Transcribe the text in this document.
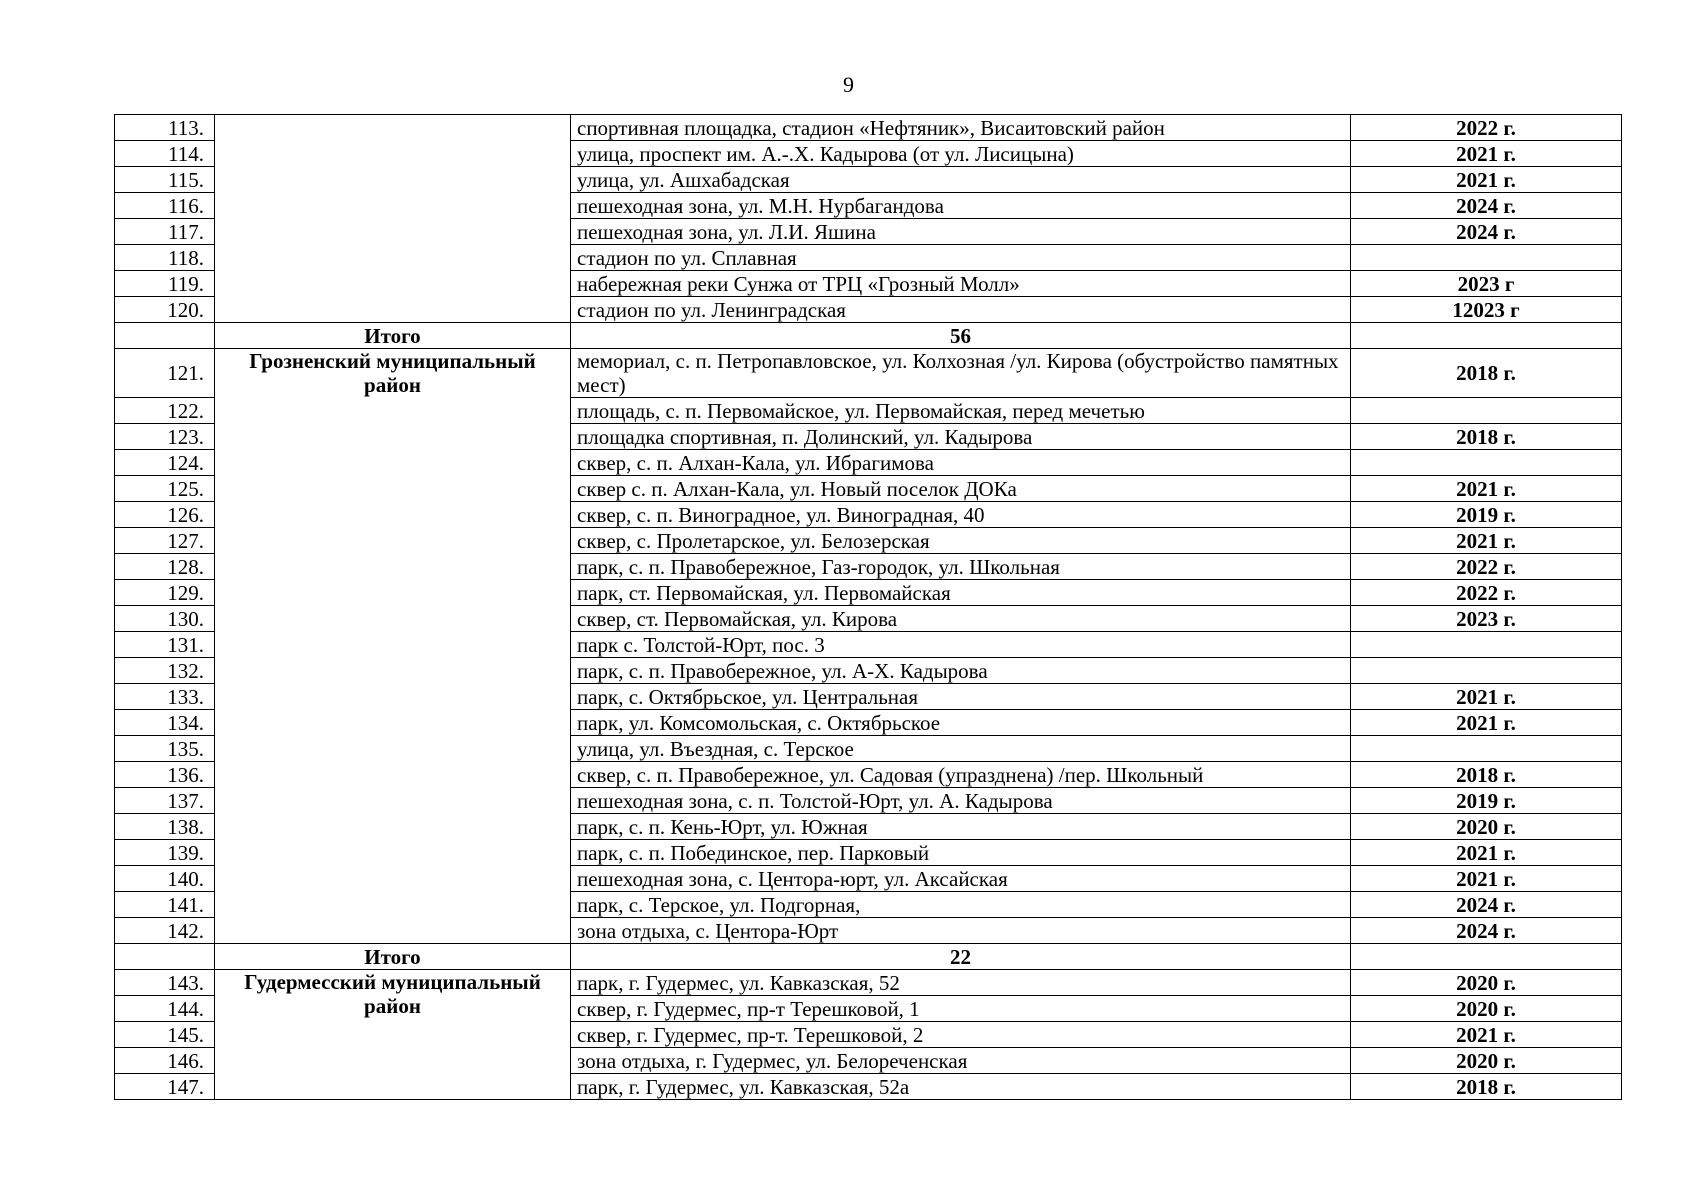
9
113.		спортивная площадка, стадион «Нефтяник», Висаитовский район	2022 г.
114.		улица, проспект им. А.-.Х. Кадырова (от ул. Лисицына)	2021 г.
115.		улица, ул. Ашхабадская	2021 г.
116.		пешеходная зона, ул. М.Н. Нурбагандова	2024 г.
117.		пешеходная зона, ул. Л.И. Яшина	2024 г.
118.		стадион по ул. Сплавная	
119.		набережная реки Сунжа от ТРЦ «Грозный Молл»	2023 г
120.		стадион по ул. Ленинградская	12023 г
	Итого	56	
121.	Грозненский муниципальный район	мемориал, с. п. Петропавловское, ул. Колхозная /ул. Кирова (обустройство памятных мест)	2018 г.
122.		площадь, с. п. Первомайское, ул. Первомайская, перед мечетью	
123.		площадка спортивная, п. Долинский, ул. Кадырова	2018 г.
124.		сквер, с. п. Алхан-Кала, ул. Ибрагимова	
125.		сквер с. п. Алхан-Кала, ул. Новый поселок ДОКа	2021 г.
126.		сквер, с. п. Виноградное, ул. Виноградная, 40	2019 г.
127.		сквер, с. Пролетарское, ул. Белозерская	2021 г.
128.		парк, с. п. Правобережное, Газ-городок, ул. Школьная	2022 г.
129.		парк, ст. Первомайская, ул. Первомайская	2022 г.
130.		сквер, ст. Первомайская, ул. Кирова	2023 г.
131.		парк с. Толстой-Юрт, пос. 3	
132.		парк, с. п. Правобережное, ул. А-Х. Кадырова	
133.		парк, с. Октябрьское, ул. Центральная	2021 г.
134.		парк, ул. Комсомольская, с. Октябрьское	2021 г.
135.		улица, ул. Въездная, с. Терское	
136.		сквер, с. п. Правобережное, ул. Садовая (упразднена) /пер. Школьный	2018 г.
137.		пешеходная зона, с. п. Толстой-Юрт, ул. А. Кадырова	2019 г.
138.		парк, с. п. Кень-Юрт, ул. Южная	2020 г.
139.		парк, с. п. Побединское, пер. Парковый	2021 г.
140.		пешеходная зона, с. Центора-юрт, ул. Аксайская	2021 г.
141.		парк, с. Терское, ул. Подгорная,	2024 г.
142.		зона отдыха, с. Центора-Юрт	2024 г.
	Итого	22	
143.	Гудермесский муниципальный район	парк, г. Гудермес, ул. Кавказская, 52	2020 г.
144.		сквер, г. Гудермес, пр-т Терешковой, 1	2020 г.
145.		сквер, г. Гудермес, пр-т. Терешковой, 2	2021 г.
146.		зона отдыха, г. Гудермес, ул. Белореченская	2020 г.
147.		парк, г. Гудермес, ул. Кавказская, 52а	2018 г.
